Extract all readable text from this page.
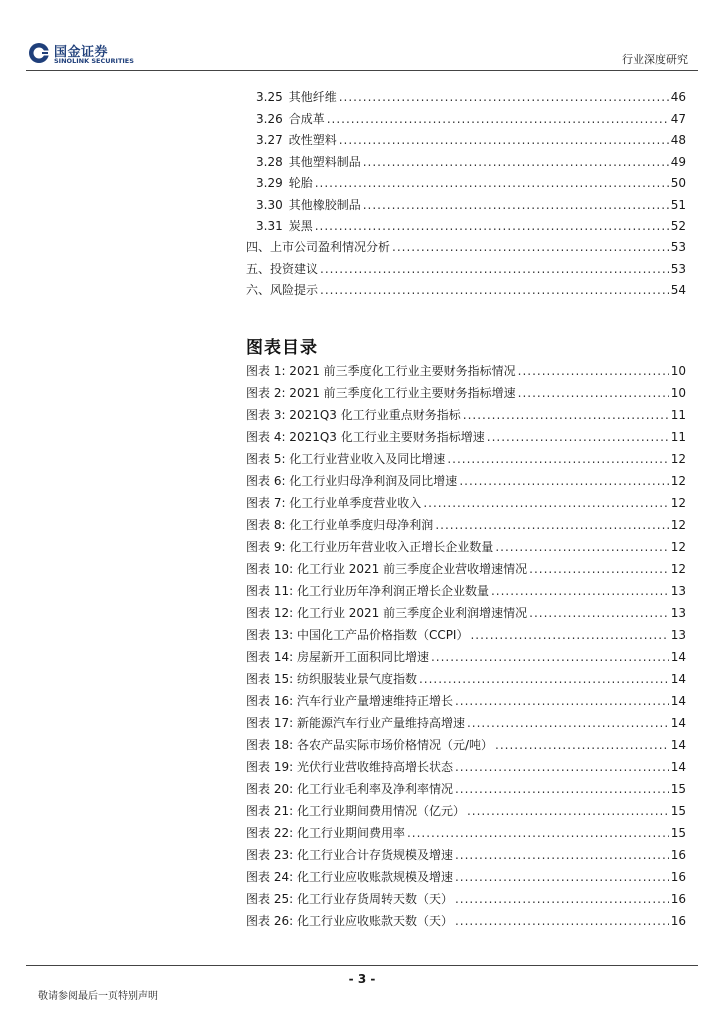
国金证券
SINOLINK SECURITIES	行业深度研究
3.25 其他纤维 .....	46
3.26 合成革 .....	47
3.27 改性塑料 .....	48
3.28 其他塑料制品 .....	49
3.29 轮胎 .....	50
3.30 其他橡胶制品 .....	51
3.31 炭黑 .....	52
四、上市公司盈利情况分析 .....	53
五、投资建议 .....	53
六、风险提示 .....	54
图表目录
图表 1: 2021 前三季度化工行业主要财务指标情况 .....	10
图表 2: 2021 前三季度化工行业主要财务指标增速 .....	10
图表 3: 2021Q3 化工行业重点财务指标 .....	11
图表 4: 2021Q3 化工行业主要财务指标增速 .....	11
图表 5: 化工行业营业收入及同比增速 .....	12
图表 6: 化工行业归母净利润及同比增速 .....	12
图表 7: 化工行业单季度营业收入 .....	12
图表 8: 化工行业单季度归母净利润 .....	12
图表 9: 化工行业历年营业收入正增长企业数量 .....	12
图表 10: 化工行业 2021 前三季度企业营收增速情况 .....	12
图表 11: 化工行业历年净利润正增长企业数量 .....	13
图表 12: 化工行业 2021 前三季度企业利润增速情况 .....	13
图表 13: 中国化工产品价格指数（CCPI） .....	13
图表 14: 房屋新开工面积同比增速 .....	14
图表 15: 纺织服装业景气度指数 .....	14
图表 16: 汽车行业产量增速维持正增长 .....	14
图表 17: 新能源汽车行业产量维持高增速 .....	14
图表 18: 各农产品实际市场价格情况（元/吨） .....	14
图表 19: 光伏行业营收维持高增长状态 .....	14
图表 20: 化工行业毛利率及净利率情况 .....	15
图表 21: 化工行业期间费用情况（亿元） .....	15
图表 22: 化工行业期间费用率 .....	15
图表 23: 化工行业合计存货规模及增速 .....	16
图表 24: 化工行业应收账款规模及增速 .....	16
图表 25: 化工行业存货周转天数（天） .....	16
图表 26: 化工行业应收账款天数（天） .....	16
- 3 -
敬请参阅最后一页特别声明
